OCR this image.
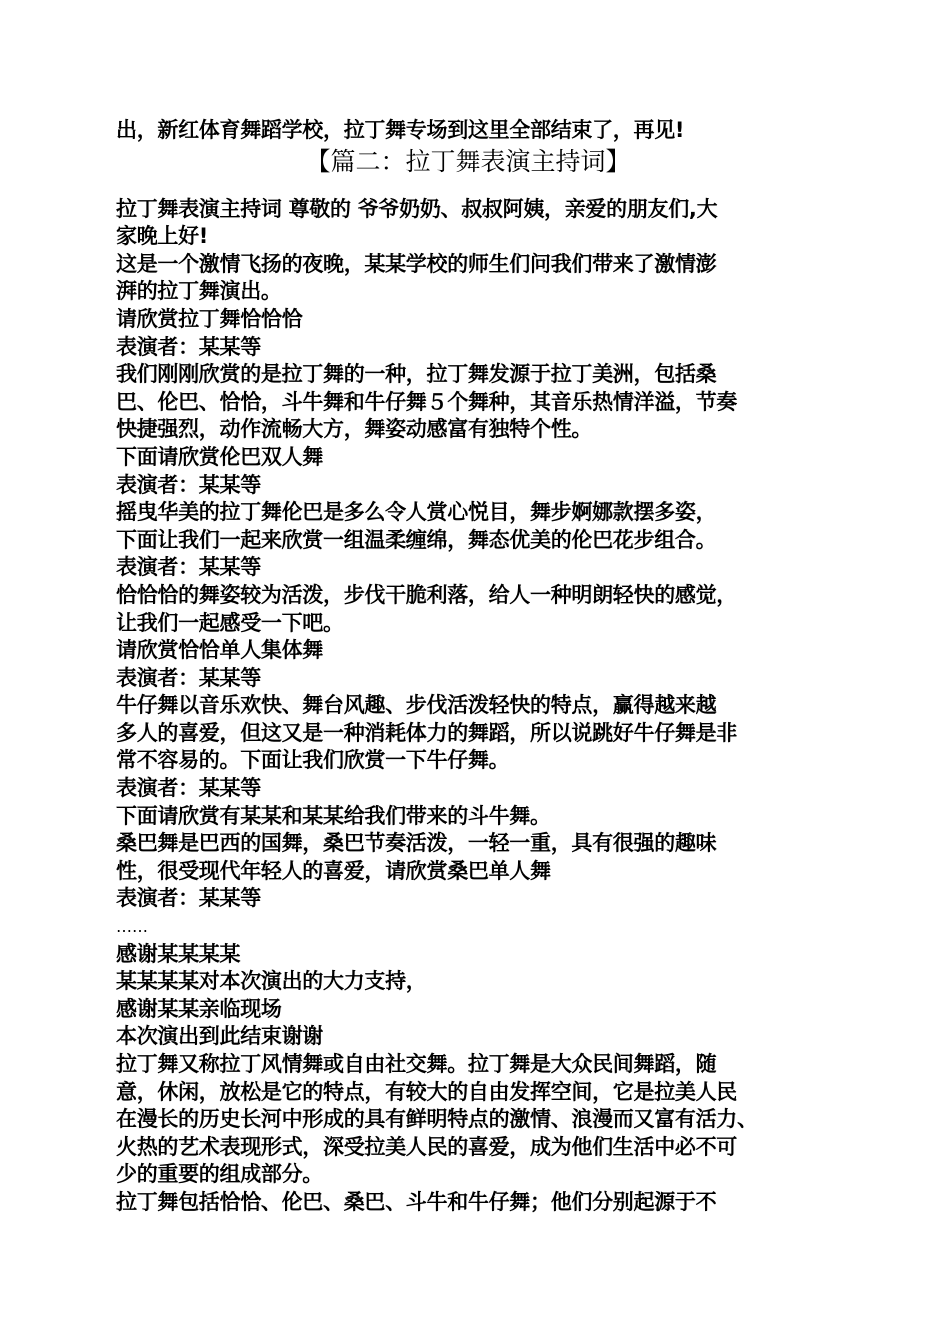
出，新红体育舞蹈学校，拉丁舞专场到这里全部结束了，再见!
【篇二：拉丁舞表演主持词】
拉丁舞表演主持词 尊敬的 爷爷奶奶、叔叔阿姨，亲爱的朋友们,大
家晚上好!
这是一个激情飞扬的夜晚，某某学校的师生们问我们带来了激情澎
湃的拉丁舞演出。
请欣赏拉丁舞恰恰恰
表演者：某某等
我们刚刚欣赏的是拉丁舞的一种，拉丁舞发源于拉丁美洲，包括桑
巴、伦巴、恰恰，斗牛舞和牛仔舞５个舞种，其音乐热情洋溢，节奏
快捷强烈，动作流畅大方，舞姿动感富有独特个性。
下面请欣赏伦巴双人舞
表演者：某某等
摇曳华美的拉丁舞伦巴是多么令人赏心悦目，舞步婀娜款摆多姿，
下面让我们一起来欣赏一组温柔缠绵，舞态优美的伦巴花步组合。
表演者：某某等
恰恰恰的舞姿较为活泼，步伐干脆利落，给人一种明朗轻快的感觉，
让我们一起感受一下吧。
请欣赏恰恰单人集体舞
表演者：某某等
牛仔舞以音乐欢快、舞台风趣、步伐活泼轻快的特点，赢得越来越
多人的喜爱，但这又是一种消耗体力的舞蹈，所以说跳好牛仔舞是非
常不容易的。下面让我们欣赏一下牛仔舞。
表演者：某某等
下面请欣赏有某某和某某给我们带来的斗牛舞。
桑巴舞是巴西的国舞，桑巴节奏活泼，一轻一重，具有很强的趣味
性，很受现代年轻人的喜爱，请欣赏桑巴单人舞
表演者：某某等
……
感谢某某某某
某某某某对本次演出的大力支持，
感谢某某亲临现场
本次演出到此结束谢谢
拉丁舞又称拉丁风情舞或自由社交舞。拉丁舞是大众民间舞蹈，随
意，休闲，放松是它的特点，有较大的自由发挥空间，它是拉美人民
在漫长的历史长河中形成的具有鲜明特点的激情、浪漫而又富有活力、
火热的艺术表现形式，深受拉美人民的喜爱，成为他们生活中必不可
少的重要的组成部分。
拉丁舞包括恰恰、伦巴、桑巴、斗牛和牛仔舞；他们分别起源于不
